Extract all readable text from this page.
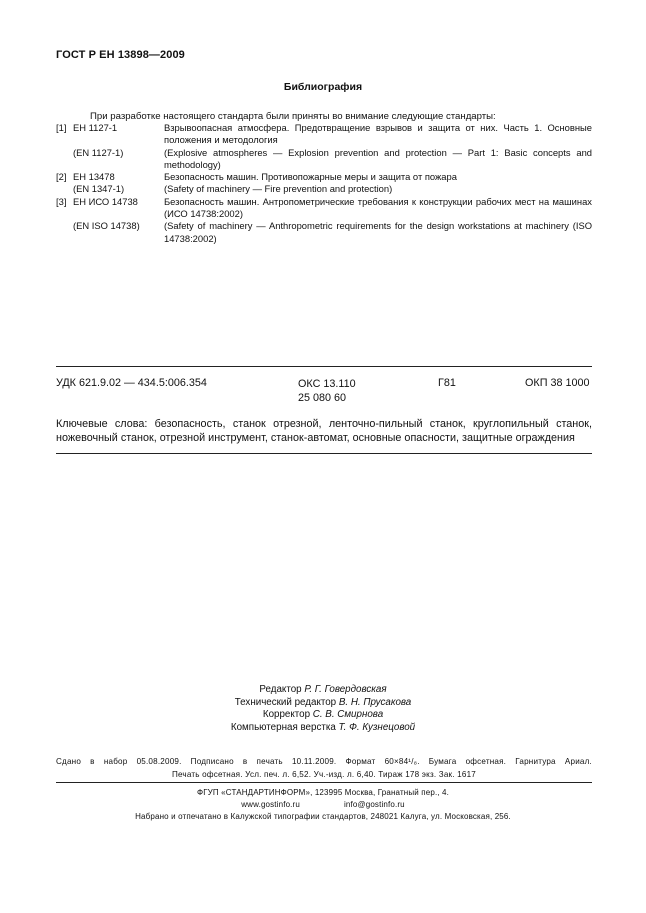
ГОСТ Р ЕН 13898—2009
Библиография
При разработке настоящего стандарта были приняты во внимание следующие стандарты:
[1] ЕН 1127-1	Взрывоопасная атмосфера. Предотвращение взрывов и защита от них. Часть 1. Основные положения и методология
(EN 1127-1)	(Explosive atmospheres — Explosion prevention and protection — Part 1: Basic concepts and methodology)
[2] ЕН 13478	Безопасность машин. Противопожарные меры и защита от пожара
(EN 1347-1)	(Safety of machinery — Fire prevention and protection)
[3] ЕН ИСО 14738	Безопасность машин. Антропометрические требования к конструкции рабочих мест на машинах (ИСО 14738:2002)
(EN ISO 14738)	(Safety of machinery — Anthropometric requirements for the design workstations at machinery (ISO 14738:2002)
УДК 621.9.02 — 434.5:006.354	ОКС 13.110
25 080 60
Г81	ОКП 38 1000
Ключевые слова: безопасность, станок отрезной, ленточно-пильный станок, круглопильный станок, ножевочный станок, отрезной инструмент, станок-автомат, основные опасности, защитные ограждения
Редактор Р. Г. Говердовская
Технический редактор В. Н. Прусакова
Корректор С. В. Смирнова
Компьютерная верстка Т. Ф. Кузнецовой
Сдано в набор 05.08.2009. Подписано в печать 10.11.2009. Формат 60×84¹/₈. Бумага офсетная. Гарнитура Ариал.
Печать офсетная. Усл. печ. л. 6,52. Уч.-изд. л. 6,40. Тираж 178 экз. Зак. 1617
ФГУП «СТАНДАРТИНФОРМ», 123995 Москва, Гранатный пер., 4.
www.gostinfo.ru	info@gostinfo.ru
Набрано и отпечатано в Калужской типографии стандартов, 248021 Калуга, ул. Московская, 256.
